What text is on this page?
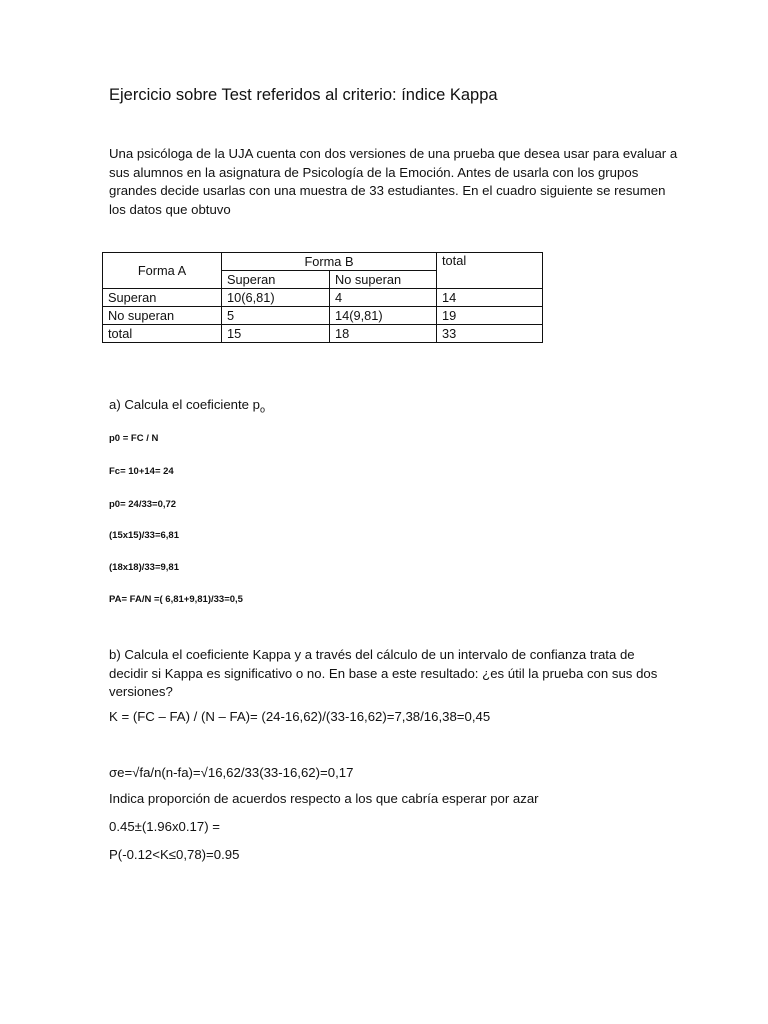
Ejercicio sobre Test referidos al criterio: índice Kappa
Una psicóloga de la UJA cuenta con dos versiones de una prueba que desea usar para evaluar a
sus alumnos en la asignatura de Psicología de la Emoción. Antes de usarla con los grupos
grandes decide usarlas con una muestra de 33 estudiantes. En el cuadro siguiente se resumen
los datos que obtuvo
Forma A	Forma B		total
	Superan	No superan	
Superan	10(6,81)	4	14
No superan	5	14(9,81)	19
total	15	18	33
a) Calcula el coeficiente $p_o$
p0 = FC / N
Fc= 10+14= 24
p0= 24/33=0,72
(15x15)/33=6,81
(18x18)/33=9,81
PA= FA/N =( 6,81+9,81)/33=0,5
b) Calcula el coeficiente Kappa y a través del cálculo de un intervalo de confianza trata de
decidir si Kappa es significativo o no. En base a este resultado: ¿es útil la prueba con sus dos
versiones?
K = (FC – FA) / (N – FA)= (24-16,62)/(33-16,62)=7,38/16,38=0,45
σe=√fa/n(n-fa)=√16,62/33(33-16,62)=0,17
Indica proporción de acuerdos respecto a los que cabría esperar por azar
0.45±(1.96x0.17) =
P(-0.12<K≤0,78)=0.95
